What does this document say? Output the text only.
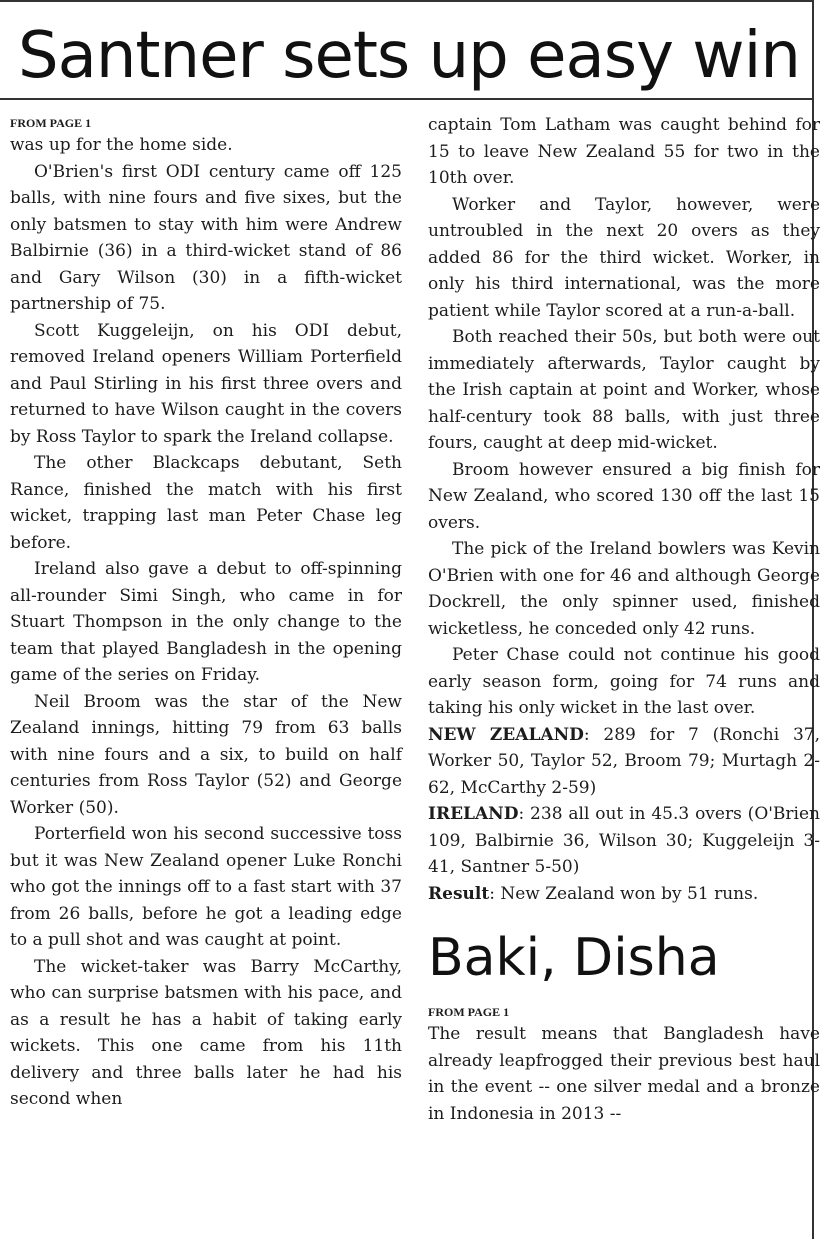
Santner sets up easy win
FROM PAGE 1

was up for the home side.

O'Brien's first ODI century came off 125 balls, with nine fours and five sixes, but the only batsmen to stay with him were Andrew Balbirnie (36) in a third-wicket stand of 86 and Gary Wilson (30) in a fifth-wicket partnership of 75.

Scott Kuggeleijn, on his ODI debut, removed Ireland openers William Porterfield and Paul Stirling in his first three overs and returned to have Wilson caught in the covers by Ross Taylor to spark the Ireland collapse.

The other Blackcaps debutant, Seth Rance, finished the match with his first wicket, trapping last man Peter Chase leg before.

Ireland also gave a debut to off-spinning all-rounder Simi Singh, who came in for Stuart Thompson in the only change to the team that played Bangladesh in the opening game of the series on Friday.

Neil Broom was the star of the New Zealand innings, hitting 79 from 63 balls with nine fours and a six, to build on half centuries from Ross Taylor (52) and George Worker (50).

Porterfield won his second successive toss but it was New Zealand opener Luke Ronchi who got the innings off to a fast start with 37 from 26 balls, before he got a leading edge to a pull shot and was caught at point.

The wicket-taker was Barry McCarthy, who can surprise batsmen with his pace, and as a result he has a habit of taking early wickets. This one came from his 11th delivery and three balls later he had his second when

captain Tom Latham was caught behind for 15 to leave New Zealand 55 for two in the 10th over.

Worker and Taylor, however, were untroubled in the next 20 overs as they added 86 for the third wicket. Worker, in only his third international, was the more patient while Taylor scored at a run-a-ball.

Both reached their 50s, but both were out immediately afterwards, Taylor caught by the Irish captain at point and Worker, whose half-century took 88 balls, with just three fours, caught at deep mid-wicket.

Broom however ensured a big finish for New Zealand, who scored 130 off the last 15 overs.

The pick of the Ireland bowlers was Kevin O'Brien with one for 46 and although George Dockrell, the only spinner used, finished wicketless, he conceded only 42 runs.

Peter Chase could not continue his good early season form, going for 74 runs and taking his only wicket in the last over.

NEW ZEALAND: 289 for 7 (Ronchi 37, Worker 50, Taylor 52, Broom 79; Murtagh 2-62, McCarthy 2-59)

IRELAND: 238 all out in 45.3 overs (O'Brien 109, Balbirnie 36, Wilson 30; Kuggeleijn 3-41, Santner 5-50)

Result: New Zealand won by 51 runs.

Baki, Disha
FROM PAGE 1

The result means that Bangladesh have already leapfrogged their previous best haul in the event -- one silver medal and a bronze in Indonesia in 2013 --
